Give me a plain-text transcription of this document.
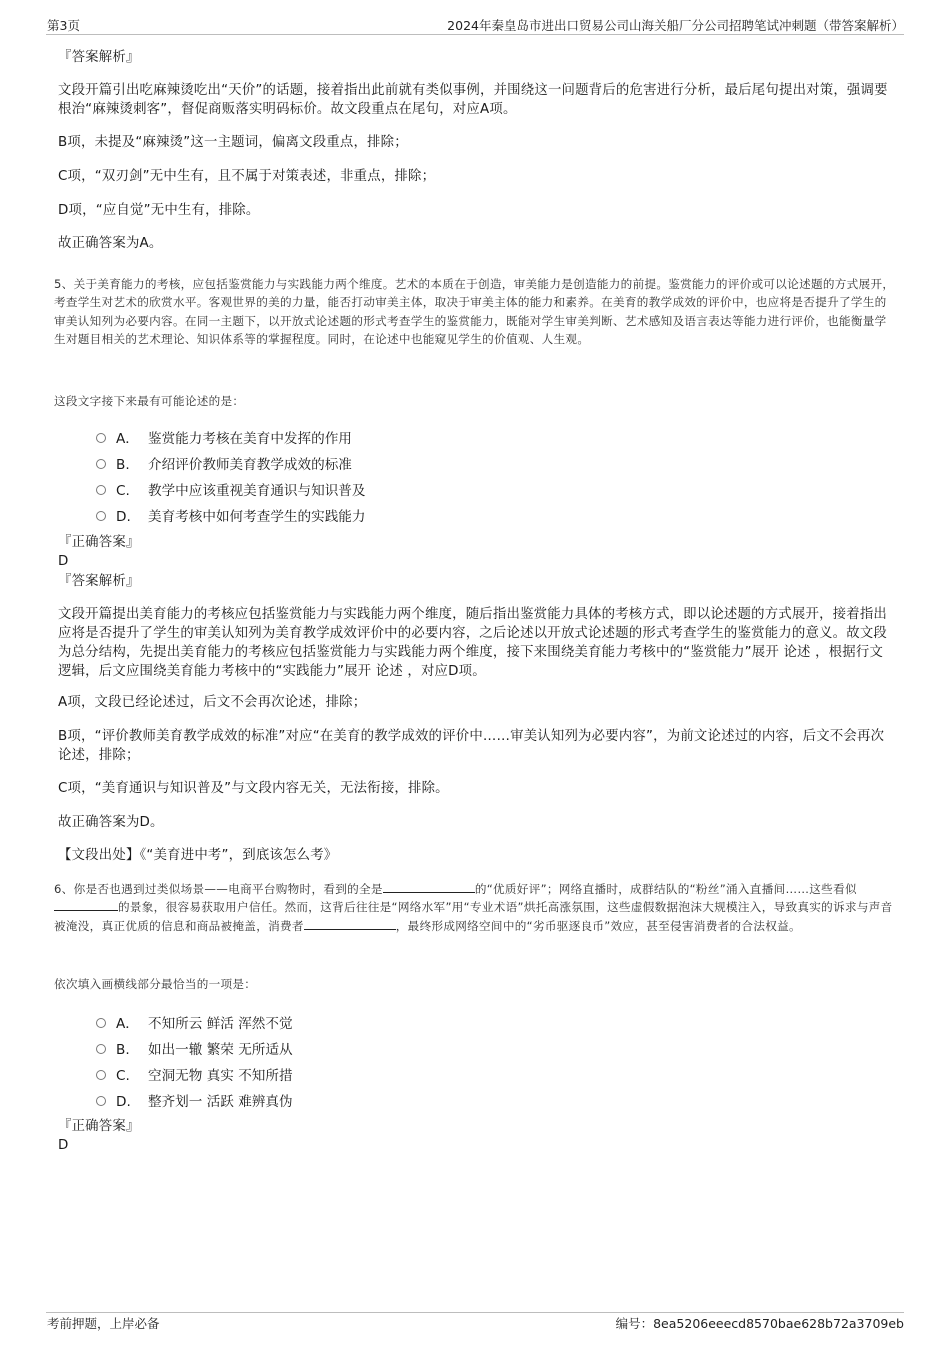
第3页	2024年秦皇岛市进出口贸易公司山海关船厂分公司招聘笔试冲刺题（带答案解析）
『答案解析』
文段开篇引出吃麻辣烫吃出“天价”的话题，接着指出此前就有类似事例，并围绕这一问题背后的危害进行分析，最后尾句提出对策，强调要根治“麻辣烫刺客”，督促商贩落实明码标价。故文段重点在尾句，对应A项。
B项，未提及“麻辣烫”这一主题词，偏离文段重点，排除；
C项，“双刃剑”无中生有，且不属于对策表述，非重点，排除；
D项，“应自觉”无中生有，排除。
故正确答案为A。
5、关于美育能力的考核，应包括鉴赏能力与实践能力两个维度。艺术的本质在于创造，审美能力是创造能力的前提。鉴赏能力的评价或可以论述题的方式展开，考查学生对艺术的欣赏水平。客观世界的美的力量，能否打动审美主体，取决于审美主体的能力和素养。在美育的教学成效的评价中，也应将是否提升了学生的审美认知列为必要内容。在同一主题下，以开放式论述题的形式考查学生的鉴赏能力，既能对学生审美判断、艺术感知及语言表达等能力进行评价，也能衡量学生对题目相关的艺术理论、知识体系等的掌握程度。同时，在论述中也能窥见学生的价值观、人生观。
这段文字接下来最有可能论述的是：
A． 鉴赏能力考核在美育中发挥的作用
B. 介绍评价教师美育教学成效的标准
C. 教学中应该重视美育通识与知识普及
D. 美育考核中如何考查学生的实践能力
『正确答案』
D
『答案解析』
文段开篇提出美育能力的考核应包括鉴赏能力与实践能力两个维度，随后指出鉴赏能力具体的考核方式，即以论述题的方式展开，接着指出应将是否提升了学生的审美认知列为美育教学成效评价中的必要内容，之后论述以开放式论述题的形式考查学生的鉴赏能力的意义。故文段为总分结构，先提出美育能力的考核应包括鉴赏能力与实践能力两个维度，接下来围绕美育能力考核中的“鉴赏能力”展开 论述 ，根据行文逻辑，后文应围绕美育能力考核中的“实践能力”展开 论述 ，对应D项。
A项，文段已经论述过，后文不会再次论述，排除；
B项，“评价教师美育教学成效的标准”对应“在美育的教学成效的评价中……审美认知列为必要内容”，为前文论述过的内容，后文不会再次论述，排除；
C项，“美育通识与知识普及”与文段内容无关，无法衔接，排除。
故正确答案为D。
【文段出处】《“美育进中考”，到底该怎么考》
6、你是否也遇到过类似场景——电商平台购物时，看到的全是	的“优质好评”；网络直播时，成群结队的“粉丝”涌入直播间……这些看似的景象，很容易获取用户信任。然而，这背后往往是“网络水军”用“专业术语”烘托高涨氛围，这些虚假数据泡沫大规模注入，导致真实的诉求与声音被淹没，真正优质的信息和商品被掩盖，消费者	，最终形成网络空间中的“劣币驱逐良币”效应，甚至侵害消费者的合法权益。
依次填入画横线部分最恰当的一项是：
A． 不知所云 鲜活 浑然不觉
B. 如出一辙 繁荣 无所适从
C. 空洞无物 真实 不知所措
D. 整齐划一 活跃 难辨真伪
『正确答案』
D
考前押题，上岸必备	编号：8ea5206eeecd8570bae628b72a3709eb
